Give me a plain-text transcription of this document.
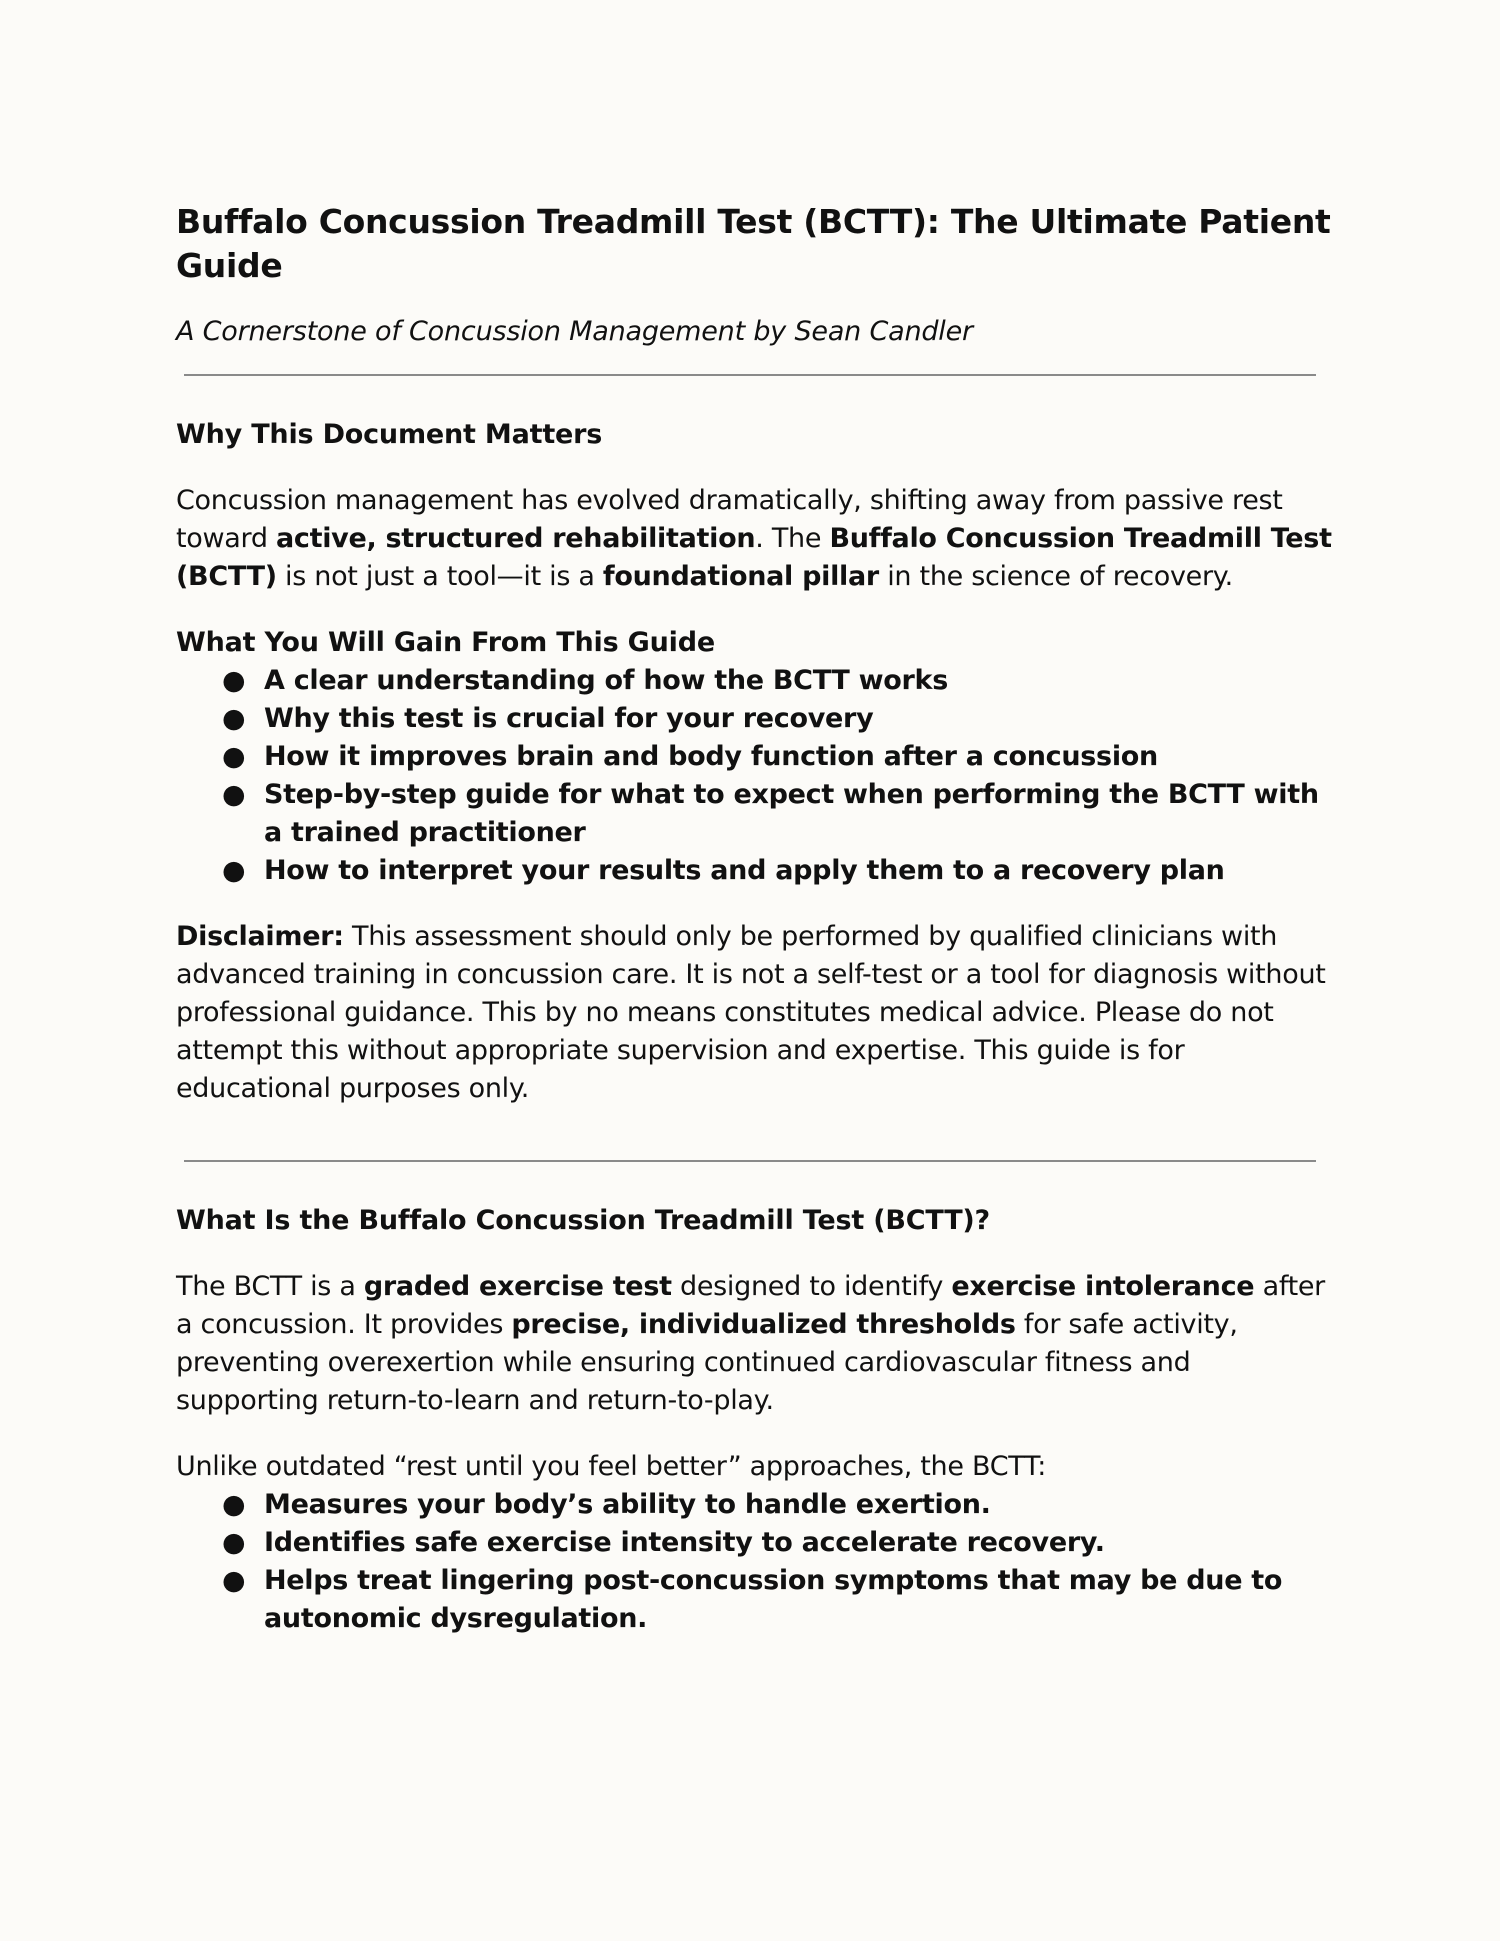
Buffalo Concussion Treadmill Test (BCTT): The Ultimate Patient Guide

A Cornerstone of Concussion Management by Sean Candler

Why This Document Matters

Concussion management has evolved dramatically, shifting away from passive rest toward active, structured rehabilitation. The Buffalo Concussion Treadmill Test (BCTT) is not just a tool—it is a foundational pillar in the science of recovery.

What You Will Gain From This Guide
● A clear understanding of how the BCTT works
● Why this test is crucial for your recovery
● How it improves brain and body function after a concussion
● Step-by-step guide for what to expect when performing the BCTT with a trained practitioner
● How to interpret your results and apply them to a recovery plan

Disclaimer: This assessment should only be performed by qualified clinicians with advanced training in concussion care. It is not a self-test or a tool for diagnosis without professional guidance. This by no means constitutes medical advice. Please do not attempt this without appropriate supervision and expertise. This guide is for educational purposes only.

What Is the Buffalo Concussion Treadmill Test (BCTT)?

The BCTT is a graded exercise test designed to identify exercise intolerance after a concussion. It provides precise, individualized thresholds for safe activity, preventing overexertion while ensuring continued cardiovascular fitness and supporting return-to-learn and return-to-play.

Unlike outdated “rest until you feel better” approaches, the BCTT:

● Measures your body’s ability to handle exertion.
● Identifies safe exercise intensity to accelerate recovery.
● Helps treat lingering post-concussion symptoms that may be due to autonomic dysregulation.
